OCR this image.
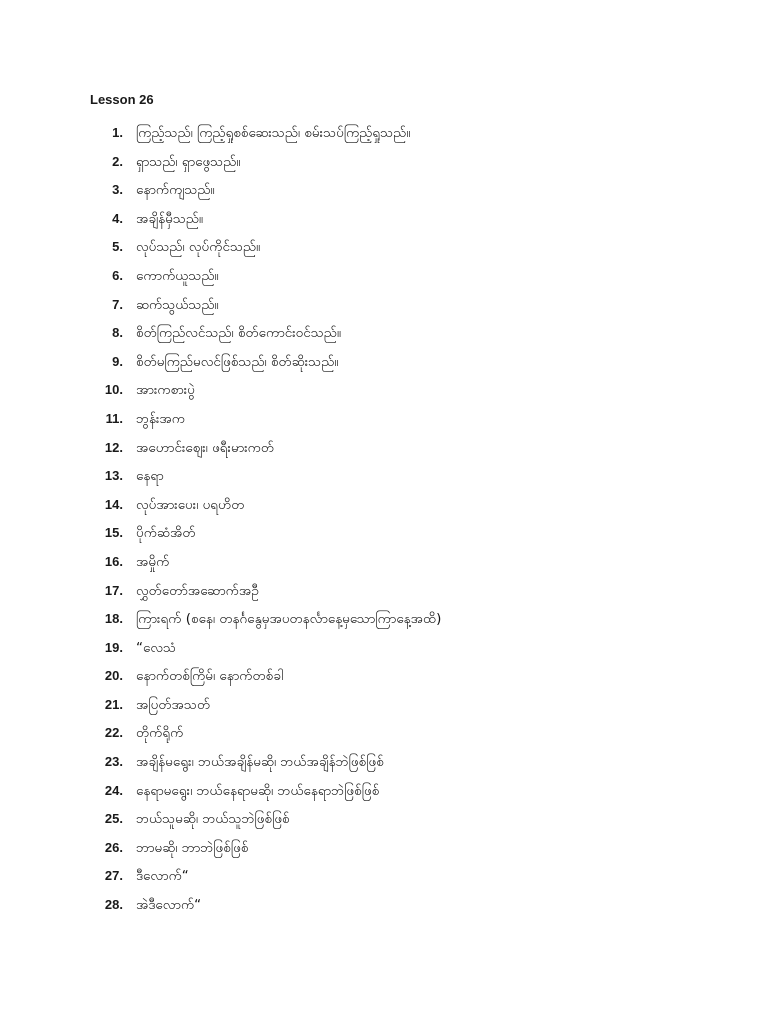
Lesson 26
1. ကြည့်သည်၊ ကြည့်ရှုစစ်ဆေးသည်၊ စမ်းသပ်ကြည့်ရှုသည်။
2. ရှာသည်၊ ရှာဖွေသည်။
3. နောက်ကျသည်။
4. အချိန်မှီသည်။
5. လုပ်သည်၊ လုပ်ကိုင်သည်။
6. ကောက်ယူသည်။
7. ဆက်သွယ်သည်။
8. စိတ်ကြည်လင်သည်၊ စိတ်ကောင်းဝင်သည်။
9. စိတ်မကြည်မလင်ဖြစ်သည်၊ စိတ်ဆိုးသည်။
10. အားကစားပွဲ
11. ဘွန်းအက
12. အဟောင်းဈေး၊ ဖရီးမားကတ်
13. နေရာ
14. လုပ်အားပေး၊ ပရဟိတ
15. ပိုက်ဆံအိတ်
16. အမှိုက်
17. လွှတ်တော်အဆောက်အဦ
18. ကြားရက် (စနေ၊ တနင်္ဂနွေမှအပတနင်္လာနေ့မှသောကြာနေ့အထိ)
19. “လေသံ
20. နောက်တစ်ကြိမ်၊ နောက်တစ်ခါ
21. အပြတ်အသတ်
22. တိုက်ရိုက်
23. အချိန်မရွေး၊ ဘယ်အချိန်မဆို၊ ဘယ်အချိန်ဘဲဖြစ်ဖြစ်
24. နေရာမရွေး၊ ဘယ်နေရာမဆို၊ ဘယ်နေရာဘဲဖြစ်ဖြစ်
25. ဘယ်သူမဆို၊ ဘယ်သူဘဲဖြစ်ဖြစ်
26. ဘာမဆို၊ ဘာဘဲဖြစ်ဖြစ်
27. ဒီလောက်“
28. အဲဒီလောက်“
